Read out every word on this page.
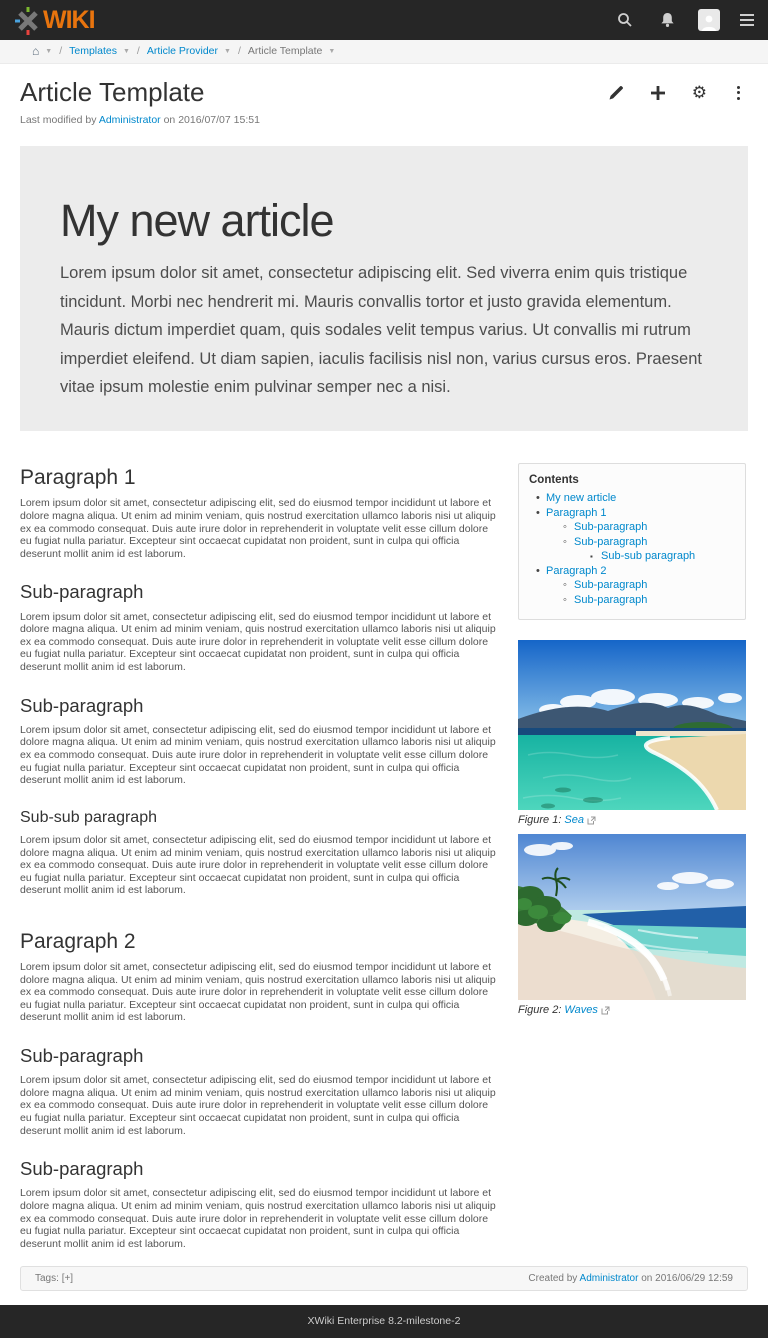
WIKI
⌂ ▼ / Templates ▼ / Article Provider ▼ / Article Template ▼
Article Template	⚙

Last modified by Administrator on 2016/07/07 15:51

My new article

Lorem ipsum dolor sit amet, consectetur adipiscing elit. Sed viverra enim quis tristique tincidunt. Morbi nec hendrerit mi. Mauris convallis tortor et justo gravida elementum. Mauris dictum imperdiet quam, quis sodales velit tempus varius. Ut convallis mi rutrum imperdiet eleifend. Ut diam sapien, iaculis facilisis nisl non, varius cursus eros. Praesent vitae ipsum molestie enim pulvinar semper nec a nisi.

Paragraph 1

Lorem ipsum dolor sit amet, consectetur adipiscing elit, sed do eiusmod tempor incididunt ut labore et dolore magna aliqua. Ut enim ad minim veniam, quis nostrud exercitation ullamco laboris nisi ut aliquip ex ea commodo consequat. Duis aute irure dolor in reprehenderit in voluptate velit esse cillum dolore eu fugiat nulla pariatur. Excepteur sint occaecat cupidatat non proident, sunt in culpa qui officia deserunt mollit anim id est laborum.

Sub-paragraph

Lorem ipsum dolor sit amet, consectetur adipiscing elit, sed do eiusmod tempor incididunt ut labore et dolore magna aliqua. Ut enim ad minim veniam, quis nostrud exercitation ullamco laboris nisi ut aliquip ex ea commodo consequat. Duis aute irure dolor in reprehenderit in voluptate velit esse cillum dolore eu fugiat nulla pariatur. Excepteur sint occaecat cupidatat non proident, sunt in culpa qui officia deserunt mollit anim id est laborum.

Sub-paragraph

Lorem ipsum dolor sit amet, consectetur adipiscing elit, sed do eiusmod tempor incididunt ut labore et dolore magna aliqua. Ut enim ad minim veniam, quis nostrud exercitation ullamco laboris nisi ut aliquip ex ea commodo consequat. Duis aute irure dolor in reprehenderit in voluptate velit esse cillum dolore eu fugiat nulla pariatur. Excepteur sint occaecat cupidatat non proident, sunt in culpa qui officia deserunt mollit anim id est laborum.

Sub-sub paragraph

Lorem ipsum dolor sit amet, consectetur adipiscing elit, sed do eiusmod tempor incididunt ut labore et dolore magna aliqua. Ut enim ad minim veniam, quis nostrud exercitation ullamco laboris nisi ut aliquip ex ea commodo consequat. Duis aute irure dolor in reprehenderit in voluptate velit esse cillum dolore eu fugiat nulla pariatur. Excepteur sint occaecat cupidatat non proident, sunt in culpa qui officia deserunt mollit anim id est laborum.

Paragraph 2

Lorem ipsum dolor sit amet, consectetur adipiscing elit, sed do eiusmod tempor incididunt ut labore et dolore magna aliqua. Ut enim ad minim veniam, quis nostrud exercitation ullamco laboris nisi ut aliquip ex ea commodo consequat. Duis aute irure dolor in reprehenderit in voluptate velit esse cillum dolore eu fugiat nulla pariatur. Excepteur sint occaecat cupidatat non proident, sunt in culpa qui officia deserunt mollit anim id est laborum.

Sub-paragraph

Lorem ipsum dolor sit amet, consectetur adipiscing elit, sed do eiusmod tempor incididunt ut labore et dolore magna aliqua. Ut enim ad minim veniam, quis nostrud exercitation ullamco laboris nisi ut aliquip ex ea commodo consequat. Duis aute irure dolor in reprehenderit in voluptate velit esse cillum dolore eu fugiat nulla pariatur. Excepteur sint occaecat cupidatat non proident, sunt in culpa qui officia deserunt mollit anim id est laborum.

Sub-paragraph

Lorem ipsum dolor sit amet, consectetur adipiscing elit, sed do eiusmod tempor incididunt ut labore et dolore magna aliqua. Ut enim ad minim veniam, quis nostrud exercitation ullamco laboris nisi ut aliquip ex ea commodo consequat. Duis aute irure dolor in reprehenderit in voluptate velit esse cillum dolore eu fugiat nulla pariatur. Excepteur sint occaecat cupidatat non proident, sunt in culpa qui officia deserunt mollit anim id est laborum.

Contents
• My new article
• Paragraph 1
◦ Sub-paragraph
◦ Sub-paragraph
▪ Sub-sub paragraph
• Paragraph 2
◦ Sub-paragraph
◦ Sub-paragraph
Figure 1: Sea
Figure 2: Waves
Tags: [+]	Created by Administrator on 2016/06/29 12:59
XWiki Enterprise 8.2-milestone-2
